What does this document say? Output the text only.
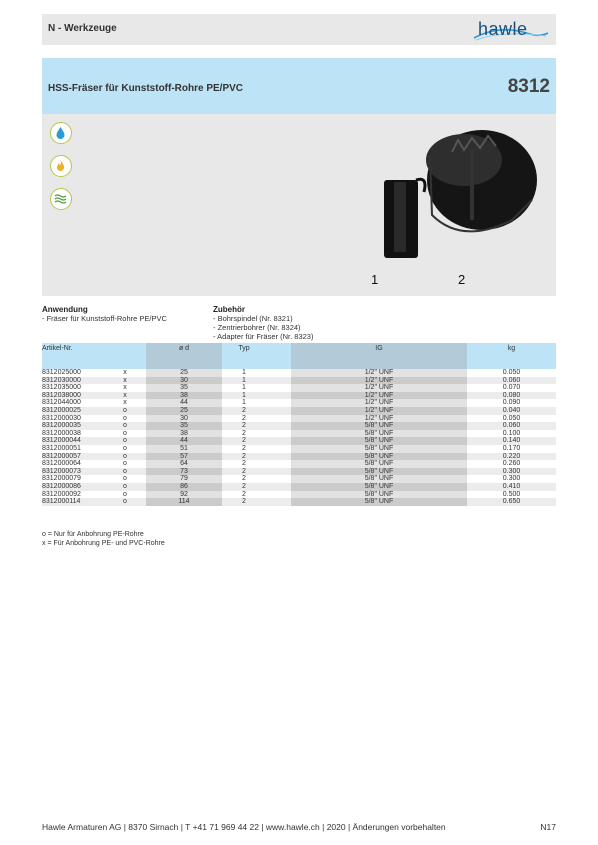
N - Werkzeuge	hawle
HSS-Fräser für Kunststoff-Rohre PE/PVC	8312
1	2
Anwendung
- Fräser für Kunststoff-Rohre PE/PVC
Zubehör
- Bohrspindel (Nr. 8321)
- Zentrierbohrer (Nr. 8324)
- Adapter für Fräser (Nr. 8323)
Artikel-Nr.		ø d	Typ		IG	kg
8312025000	x	25	1		1/2" UNF	0.050
8312030000	x	30	1		1/2" UNF	0.060
8312035000	x	35	1		1/2" UNF	0.070
8312038000	x	38	1		1/2" UNF	0.080
8312044000	x	44	1		1/2" UNF	0.090
8312000025	o	25	2		1/2" UNF	0.040
8312000030	o	30	2		1/2" UNF	0.050
8312000035	o	35	2		5/8" UNF	0.060
8312000038	o	38	2		5/8" UNF	0.100
8312000044	o	44	2		5/8" UNF	0.140
8312000051	o	51	2		5/8" UNF	0.170
8312000057	o	57	2		5/8" UNF	0.220
8312000064	o	64	2		5/8" UNF	0.260
8312000073	o	73	2		5/8" UNF	0.300
8312000079	o	79	2		5/8" UNF	0.300
8312000086	o	86	2		5/8" UNF	0.410
8312000092	o	92	2		5/8" UNF	0.500
8312000114	o	114	2		5/8" UNF	0.650
o = Nur für Anbohrung PE-Rohre
x = Für Anbohrung PE- und PVC-Rohre
Hawle Armaturen AG | 8370 Sirnach | T +41 71 969 44 22 | www.hawle.ch | 2020 | Änderungen vorbehalten	N17
